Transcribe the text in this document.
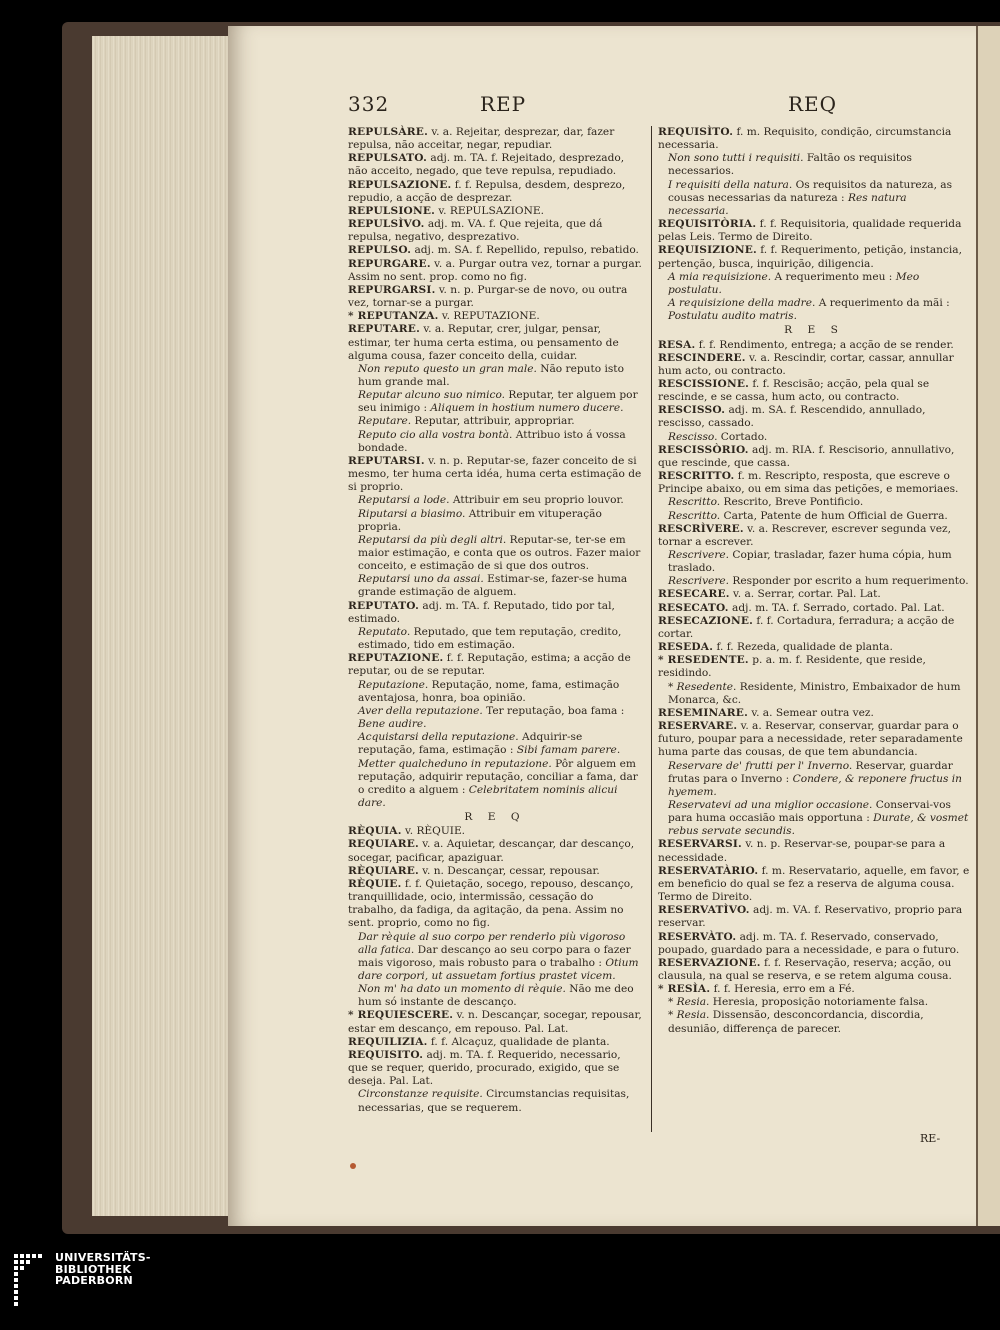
332	REP	REQ

REPULSÀRE. v. a. Rejeitar, desprezar, dar, fazer repulsa, não acceitar, negar, repudiar.

REPULSATO. adj. m. TA. f. Rejeitado, desprezado, não acceito, negado, que teve repulsa, repudiado.

REPULSAZIONE. f. f. Repulsa, desdem, desprezo, repudio, a acção de desprezar.

REPULSIONE. v. REPULSAZIONE.

REPULSÌVO. adj. m. VA. f. Que rejeita, que dá repulsa, negativo, desprezativo.

REPULSO. adj. m. SA. f. Repellido, repulso, rebatido.

REPURGARE. v. a. Purgar outra vez, tornar a purgar. Assim no sent. prop. como no fig.

REPURGARSI. v. n. p. Purgar-se de novo, ou outra vez, tornar-se a purgar.

* REPUTANZA. v. REPUTAZIONE.

REPUTARE. v. a. Reputar, crer, julgar, pensar, estimar, ter huma certa estima, ou pensamento de alguma cousa, fazer conceito della, cuidar.

Non reputo questo un gran male. Não reputo isto hum grande mal.

Reputar alcuno suo nimico. Reputar, ter alguem por seu inimigo : Aliquem in hostium numero ducere.

Reputare. Reputar, attribuir, appropriar.

Reputo cio alla vostra bontà. Attribuo isto á vossa bondade.

REPUTARSI. v. n. p. Reputar-se, fazer conceito de si mesmo, ter huma certa idéa, huma certa estimação de si proprio.

Reputarsi a lode. Attribuir em seu proprio louvor.

Riputarsi a biasimo. Attribuir em vituperação propria.

Reputarsi da più degli altri. Reputar-se, ter-se em maior estimação, e conta que os outros. Fazer maior conceito, e estimação de si que dos outros.

Reputarsi uno da assai. Estimar-se, fazer-se huma grande estimação de alguem.

REPUTATO. adj. m. TA. f. Reputado, tido por tal, estimado.

Reputato. Reputado, que tem reputação, credito, estimado, tido em estimação.

REPUTAZIONE. f. f. Reputação, estima; a acção de reputar, ou de se reputar.

Reputazione. Reputação, nome, fama, estimação aventajosa, honra, boa opinião.

Aver della reputazione. Ter reputação, boa fama : Bene audire.

Acquistarsi della reputazione. Adquirir-se reputação, fama, estimação : Sibi famam parere.

Metter qualcheduno in reputazione. Pôr alguem em reputação, adquirir reputação, conciliar a fama, dar o credito a alguem : Celebritatem nominis alicui dare.

R E Q

RÈQUIA. v. RÈQUIE.

REQUIARE. v. a. Aquietar, descançar, dar descanço, socegar, pacificar, apaziguar.

RÈQUIARE. v. n. Descançar, cessar, repousar.

RÈQUIE. f. f. Quietação, socego, repouso, descanço, tranquillidade, ocio, intermissão, cessação do trabalho, da fadiga, da agitação, da pena. Assim no sent. proprio, como no fig.

Dar rèquie al suo corpo per renderlo più vigoroso alla fatica. Dar descanço ao seu corpo para o fazer mais vigoroso, mais robusto para o trabalho : Otium dare corpori, ut assuetam fortius prastet vicem.

Non m' ha dato un momento di rèquie. Não me deo hum só instante de descanço.

* REQUIESCERE. v. n. Descançar, socegar, repousar, estar em descanço, em repouso. Pal. Lat.

REQUILIZIA. f. f. Alcaçuz, qualidade de planta.

REQUISITO. adj. m. TA. f. Requerido, necessario, que se requer, querido, procurado, exigido, que se deseja. Pal. Lat.

Circonstanze requisite. Circumstancias requisitas, necessarias, que se requerem.

REQUISÌTO. f. m. Requisito, condição, circumstancia necessaria.

Non sono tutti i requisiti. Faltão os requisitos necessarios.

I requisiti della natura. Os requisitos da natureza, as cousas necessarias da natureza : Res natura necessaria.

REQUISITÒRIA. f. f. Requisitoria, qualidade requerida pelas Leis. Termo de Direito.

REQUISIZIONE. f. f. Requerimento, petição, instancia, pertenção, busca, inquirição, diligencia.

A mia requisizione. A requerimento meu : Meo postulatu.

A requisizione della madre. A requerimento da mãi : Postulatu audito matris.

R E S

RESA. f. f. Rendimento, entrega; a acção de se render.

RESCINDERE. v. a. Rescindir, cortar, cassar, annullar hum acto, ou contracto.

RESCISSIONE. f. f. Rescisão; acção, pela qual se rescinde, e se cassa, hum acto, ou contracto.

RESCISSO. adj. m. SA. f. Rescendido, annullado, rescisso, cassado.

Rescisso. Cortado.

RESCISSÒRIO. adj. m. RIA. f. Rescisorio, annullativo, que rescinde, que cassa.

RESCRITTO. f. m. Rescripto, resposta, que escreve o Principe abaixo, ou em sima das petições, e memoriaes.

Rescritto. Rescrito, Breve Pontificio.

Rescritto. Carta, Patente de hum Official de Guerra.

RESCRÌVERE. v. a. Rescrever, escrever segunda vez, tornar a escrever.

Rescrivere. Copiar, trasladar, fazer huma cópia, hum traslado.

Rescrivere. Responder por escrito a hum requerimento.

RESECARE. v. a. Serrar, cortar. Pal. Lat.

RESECATO. adj. m. TA. f. Serrado, cortado. Pal. Lat.

RESECAZIONE. f. f. Cortadura, ferradura; a acção de cortar.

RESEDA. f. f. Rezeda, qualidade de planta.

* RESEDENTE. p. a. m. f. Residente, que reside, residindo.

* Resedente. Residente, Ministro, Embaixador de hum Monarca, &c.

RESEMINARE. v. a. Semear outra vez.

RESERVARE. v. a. Reservar, conservar, guardar para o futuro, poupar para a necessidade, reter separadamente huma parte das cousas, de que tem abundancia.

Reservare de' frutti per l' Inverno. Reservar, guardar frutas para o Inverno : Condere, & reponere fructus in hyemem.

Reservatevi ad una miglior occasione. Conservai-vos para huma occasião mais opportuna : Durate, & vosmet rebus servate secundis.

RESERVARSI. v. n. p. Reservar-se, poupar-se para a necessidade.

RESERVATÀRIO. f. m. Reservatario, aquelle, em favor, e em beneficio do qual se fez a reserva de alguma cousa. Termo de Direito.

RESERVATÌVO. adj. m. VA. f. Reservativo, proprio para reservar.

RESERVÀTO. adj. m. TA. f. Reservado, conservado, poupado, guardado para a necessidade, e para o futuro.

RESERVAZIONE. f. f. Reservação, reserva; acção, ou clausula, na qual se reserva, e se retem alguma cousa.

* RESÌA. f. f. Heresia, erro em a Fé.

* Resia. Heresia, proposição notoriamente falsa.

* Resia. Dissensão, desconcordancia, discordia, desunião, differença de parecer.

RE-
UNIVERSITÄTS-
BIBLIOTHEK
PADERBORN
